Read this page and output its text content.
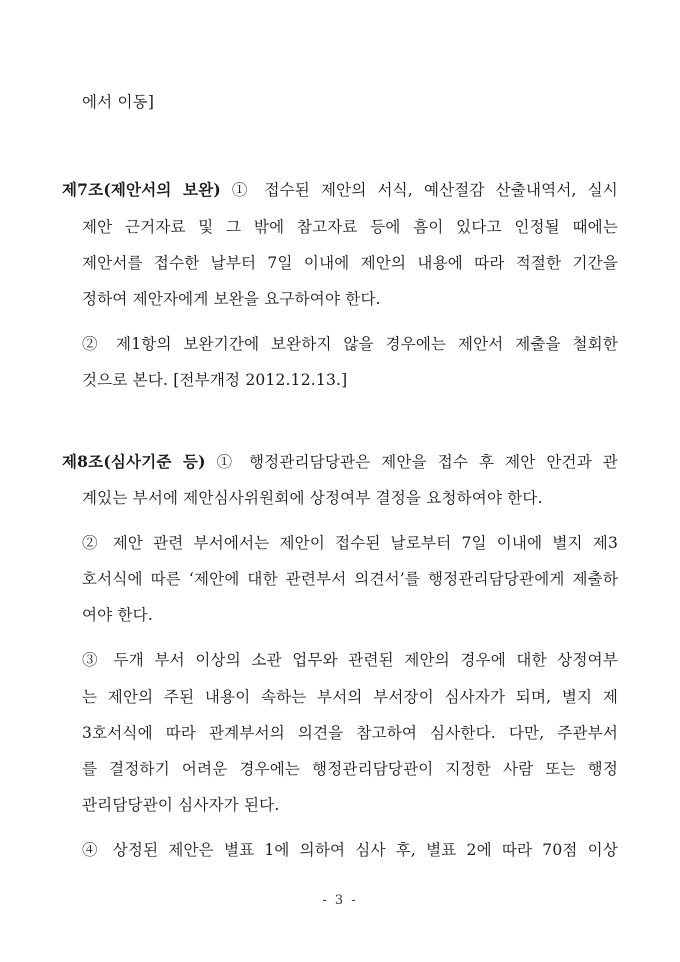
에서 이동]
제7조(제안서의 보완) ① 접수된 제안의 서식, 예산절감 산출내역서, 실시
제안 근거자료 및 그 밖에 참고자료 등에 흠이 있다고 인정될 때에는
제안서를 접수한 날부터 7일 이내에 제안의 내용에 따라 적절한 기간을
정하여 제안자에게 보완을 요구하여야 한다.
② 제1항의 보완기간에 보완하지 않을 경우에는 제안서 제출을 철회한
것으로 본다. [전부개정 2012.12.13.]
제8조(심사기준 등) ① 행정관리담당관은 제안을 접수 후 제안 안건과 관
계있는 부서에 제안심사위원회에 상정여부 결정을 요청하여야 한다.
② 제안 관련 부서에서는 제안이 접수된 날로부터 7일 이내에 별지 제3
호서식에 따른 ‘제안에 대한 관련부서 의견서’를 행정관리담당관에게 제출하
여야 한다.
③ 두개 부서 이상의 소관 업무와 관련된 제안의 경우에 대한 상정여부
는 제안의 주된 내용이 속하는 부서의 부서장이 심사자가 되며, 별지 제
3호서식에 따라 관계부서의 의견을 참고하여 심사한다. 다만, 주관부서
를 결정하기 어려운 경우에는 행정관리담당관이 지정한 사람 또는 행정
관리담당관이 심사자가 된다.
④ 상정된 제안은 별표 1에 의하여 심사 후, 별표 2에 따라 70점 이상
- 3 -
